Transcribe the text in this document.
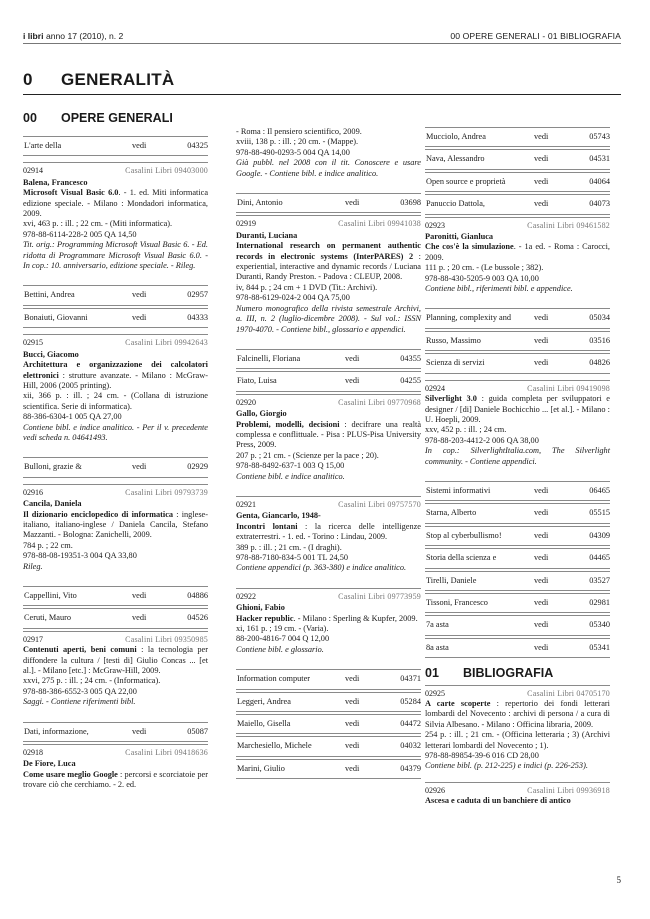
i libri anno 17 (2010), n. 2	00 OPERE GENERALI - 01 BIBLIOGRAFIA
0 GENERALITÀ
00 OPERE GENERALI
L'arte della	vedi	04325
02914	Casalini Libri 09403000
Balena, Francesco
Microsoft Visual Basic 6.0. - 1. ed. Miti informatica edizione speciale. - Milano : Mondadori informatica, 2009.
xvi, 463 p. : ill. ; 22 cm. - (Miti informatica).
978-88-6114-228-2 005 QA 14,50
Tit. orig.: Programming Microsoft Visual Basic 6. - Ed. ridotta di Programmare Microsoft Visual Basic 6.0. - In cop.: 10. anniversario, edizione speciale. - Rileg.
Bettini, Andrea	vedi	02957
Bonaiuti, Giovanni	vedi	04333
02915	Casalini Libri 09942643
Bucci, Giacomo
Architettura e organizzazione dei calcolatori elettronici : strutture avanzate. - Milano : McGraw-Hill, 2006 (2005 printing).
xii, 366 p. : ill. ; 24 cm. - (Collana di istruzione scientifica. Serie di informatica).
88-386-6304-1 005 QA 27,00
Contiene bibl. e indice analitico. - Per il v. precedente vedi scheda n. 04641493.
Bulloni, grazie &	vedi	02929
02916	Casalini Libri 09793739
Cancila, Daniela
Il dizionario enciclopedico di informatica : inglese-italiano, italiano-inglese / Daniela Cancila, Stefano Mazzanti. - Bologna: Zanichelli, 2009.
784 p. ; 22 cm.
978-88-08-19351-3 004 QA 33,80
Rileg.
Cappellini, Vito	vedi	04886
Ceruti, Mauro	vedi	04526
02917	Casalini Libri 09350985
Contenuti aperti, beni comuni : la tecnologia per diffondere la cultura / [testi di] Giulio Concas ... [et al.]. - Milano [etc.] : McGraw-Hill, 2009.
xxvi, 275 p. : ill. ; 24 cm. - (Informatica).
978-88-386-6552-3 005 QA 22,00
Saggi. - Contiene riferimenti bibl.
Dati, informazione,	vedi	05087
02918	Casalini Libri 09418636
De Fiore, Luca
Come usare meglio Google : percorsi e scorciatoie per trovare ciò che cerchiamo. - 2. ed.
- Roma : Il pensiero scientifico, 2009.
xviii, 138 p. : ill. ; 20 cm. - (Mappe).
978-88-490-0293-5 004 QA 14,00
Già pubbl. nel 2008 con il tit. Conoscere e usare Google. - Contiene bibl. e indice analitico.
Dini, Antonio	vedi	03698
02919	Casalini Libri 09941038
Duranti, Luciana
International research on permanent authentic records in electronic systems (InterPARES) 2 : experiential, interactive and dynamic records / Luciana Duranti, Randy Preston. - Padova : CLEUP, 2008.
iv, 844 p. ; 24 cm + 1 DVD (Tit.: Archivi).
978-88-6129-024-2 004 QA 75,00
Numero monografico della rivista semestrale Archivi, a. III, n. 2 (luglio-dicembre 2008). - Sul vol.: ISSN 1970-4070. - Contiene bibl., glossario e appendici.
Falcinelli, Floriana	vedi	04355
Fiato, Luisa	vedi	04255
02920	Casalini Libri 09770968
Gallo, Giorgio
Problemi, modelli, decisioni : decifrare una realtà complessa e conflittuale. - Pisa : PLUS-Pisa University Press, 2009.
207 p. ; 21 cm. - (Scienze per la pace ; 20).
978-88-8492-637-1 003 Q 15,00
Contiene bibl. e indice analitico.
02921	Casalini Libri 09757570
Genta, Giancarlo, 1948-
Incontri lontani : la ricerca delle intelligenze extraterrestri. - 1. ed. - Torino : Lindau, 2009.
389 p. : ill. ; 21 cm. - (I draghi).
978-88-7180-834-5 001 TL 24,50
Contiene appendici (p. 363-380) e indice analitico.
02922	Casalini Libri 09773959
Ghioni, Fabio
Hacker republic. - Milano : Sperling & Kupfer, 2009.
xi, 161 p. ; 19 cm. - (Varia).
88-200-4816-7 004 Q 12,00
Contiene bibl. e glossario.
Information computer	vedi	04371
Leggeri, Andrea	vedi	05284
Maiello, Gisella	vedi	04472
Marchesiello, Michele	vedi	04032
Marini, Giulio	vedi	04379
Mucciolo, Andrea	vedi	05743
Nava, Alessandro	vedi	04531
Open source e proprietà	vedi	04064
Panuccio Dattola,	vedi	04073
02923	Casalini Libri 09461582
Paronitti, Gianluca
Che cos'è la simulazione. - 1a ed. - Roma : Carocci, 2009.
111 p. ; 20 cm. - (Le bussole ; 382).
978-88-430-5205-9 003 QA 10,00
Contiene bibl., riferimenti bibl. e appendice.
Planning, complexity and	vedi	05034
Russo, Massimo	vedi	03516
Scienza di servizi	vedi	04826
02924	Casalini Libri 09419098
Silverlight 3.0 : guida completa per sviluppatori e designer / [di] Daniele Bochicchio ... [et al.]. - Milano : U. Hoepli, 2009.
xxv, 452 p. : ill. ; 24 cm.
978-88-203-4412-2 006 QA 38,00
In cop.: SilverlightItalia.com, The Silverlight community. - Contiene appendici.
Sistemi informativi	vedi	06465
Starna, Alberto	vedi	05515
Stop al cyberbullismo!	vedi	04309
Storia della scienza e	vedi	04465
Tirelli, Daniele	vedi	03527
Tissoni, Francesco	vedi	02981
7a asta	vedi	05340
8a asta	vedi	05341
01 BIBLIOGRAFIA
02925	Casalini Libri 04705170
A carte scoperte : repertorio dei fondi letterari lombardi del Novecento : archivi di persona / a cura di Silvia Albesano. - Milano : Officina libraria, 2009.
254 p. : ill. ; 21 cm. - (Officina letteraria ; 3) (Archivi letterari lombardi del Novecento ; 1).
978-88-89854-39-6 016 CD 28,00
Contiene bibl. (p. 212-225) e indici (p. 226-253).
02926	Casalini Libri 09936918
Ascesa e caduta di un banchiere di antico
5
